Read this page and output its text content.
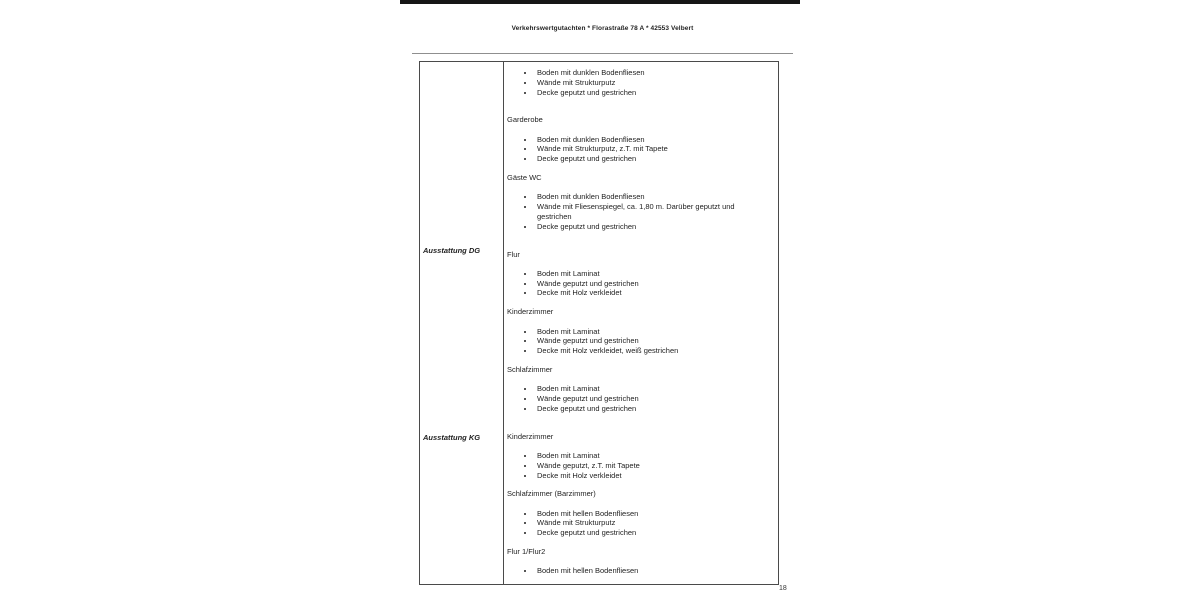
Verkehrswertgutachten * Florastraße 78 A * 42553 Velbert
Ausstattung DG
Ausstattung KG
• Boden mit dunklen Bodenfliesen
• Wände mit Strukturputz
• Decke geputzt und gestrichen
Garderobe
• Boden mit dunklen Bodenfliesen
• Wände mit Strukturputz, z.T. mit Tapete
• Decke geputzt und gestrichen
Gäste WC
• Boden mit dunklen Bodenfliesen
• Wände mit Fliesenspiegel, ca. 1,80 m. Darüber geputzt und gestrichen
• Decke geputzt und gestrichen
Flur
• Boden mit Laminat
• Wände geputzt und gestrichen
• Decke mit Holz verkleidet
Kinderzimmer
• Boden mit Laminat
• Wände geputzt und gestrichen
• Decke mit Holz verkleidet, weiß gestrichen
Schlafzimmer
• Boden mit Laminat
• Wände geputzt und gestrichen
• Decke geputzt und gestrichen
Kinderzimmer
• Boden mit Laminat
• Wände geputzt, z.T. mit Tapete
• Decke mit Holz verkleidet
Schlafzimmer (Barzimmer)
• Boden mit hellen Bodenfliesen
• Wände mit Strukturputz
• Decke geputzt und gestrichen
Flur 1/Flur2
• Boden mit hellen Bodenfliesen
18
